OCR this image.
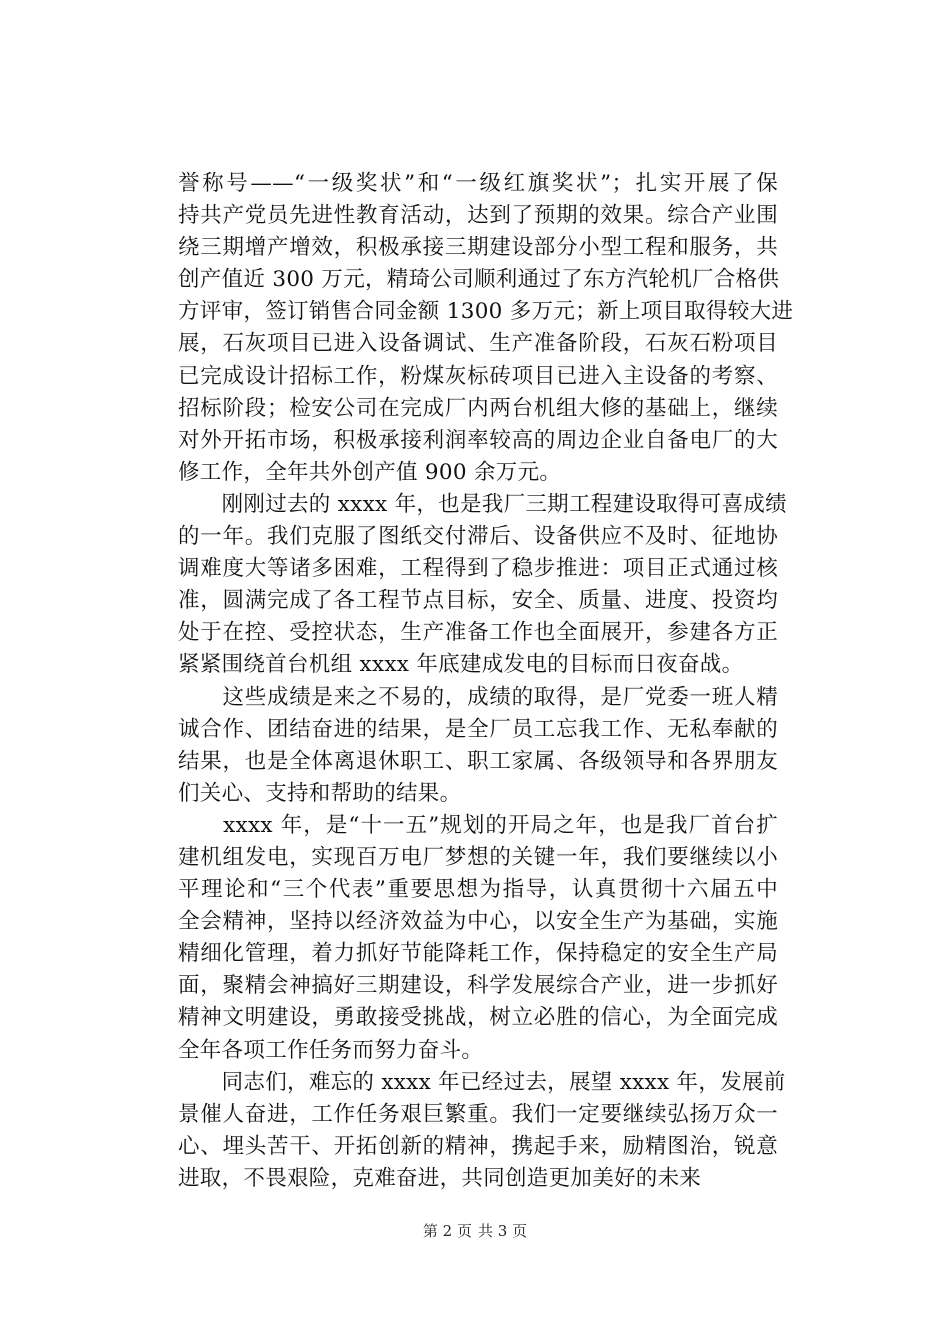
誉称号——“一级奖状”和“一级红旗奖状”；扎实开展了保
持共产党员先进性教育活动，达到了预期的效果。综合产业围
绕三期增产增效，积极承接三期建设部分小型工程和服务，共
创产值近 300 万元，精琦公司顺利通过了东方汽轮机厂合格供
方评审，签订销售合同金额 1300 多万元；新上项目取得较大进
展，石灰项目已进入设备调试、生产准备阶段，石灰石粉项目
已完成设计招标工作，粉煤灰标砖项目已进入主设备的考察、
招标阶段；检安公司在完成厂内两台机组大修的基础上，继续
对外开拓市场，积极承接利润率较高的周边企业自备电厂的大
修工作，全年共外创产值 900 余万元。
　　刚刚过去的 xxxx 年，也是我厂三期工程建设取得可喜成绩
的一年。我们克服了图纸交付滞后、设备供应不及时、征地协
调难度大等诸多困难，工程得到了稳步推进：项目正式通过核
准，圆满完成了各工程节点目标，安全、质量、进度、投资均
处于在控、受控状态，生产准备工作也全面展开，参建各方正
紧紧围绕首台机组 xxxx 年底建成发电的目标而日夜奋战。
　　这些成绩是来之不易的，成绩的取得，是厂党委一班人精
诚合作、团结奋进的结果，是全厂员工忘我工作、无私奉献的
结果，也是全体离退休职工、职工家属、各级领导和各界朋友
们关心、支持和帮助的结果。
　　xxxx 年，是“十一五”规划的开局之年，也是我厂首台扩
建机组发电，实现百万电厂梦想的关键一年，我们要继续以小
平理论和“三个代表”重要思想为指导，认真贯彻十六届五中
全会精神，坚持以经济效益为中心，以安全生产为基础，实施
精细化管理，着力抓好节能降耗工作，保持稳定的安全生产局
面，聚精会神搞好三期建设，科学发展综合产业，进一步抓好
精神文明建设，勇敢接受挑战，树立必胜的信心，为全面完成
全年各项工作任务而努力奋斗。
　　同志们，难忘的 xxxx 年已经过去，展望 xxxx 年，发展前
景催人奋进，工作任务艰巨繁重。我们一定要继续弘扬万众一
心、埋头苦干、开拓创新的精神，携起手来，励精图治，锐意
进取，不畏艰险，克难奋进，共同创造更加美好的未来
第 2 页 共 3 页
